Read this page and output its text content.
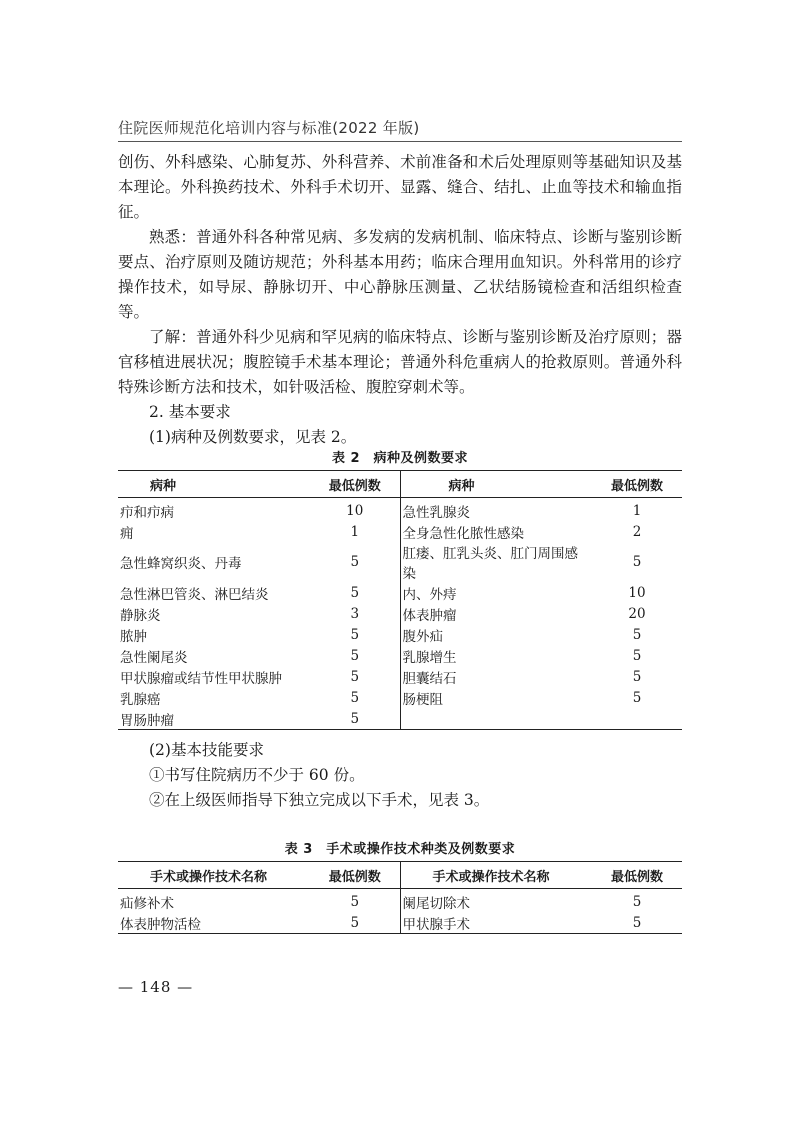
住院医师规范化培训内容与标准(2022 年版)

创伤、外科感染、心肺复苏、外科营养、术前准备和术后处理原则等基础知识及基本理论。外科换药技术、外科手术切开、显露、缝合、结扎、止血等技术和输血指征。

熟悉：普通外科各种常见病、多发病的发病机制、临床特点、诊断与鉴别诊断要点、治疗原则及随访规范；外科基本用药；临床合理用血知识。外科常用的诊疗操作技术，如导尿、静脉切开、中心静脉压测量、乙状结肠镜检查和活组织检查等。

了解：普通外科少见病和罕见病的临床特点、诊断与鉴别诊断及治疗原则；器官移植进展状况；腹腔镜手术基本理论；普通外科危重病人的抢救原则。普通外科特殊诊断方法和技术，如针吸活检、腹腔穿刺术等。

2. 基本要求

(1)病种及例数要求，见表 2。

表 2　病种及例数要求
病种	最低例数	病种	最低例数
疖和疖病	10	急性乳腺炎	1
痈	1	全身急性化脓性感染	2
急性蜂窝织炎、丹毒	5	肛瘘、肛乳头炎、肛门周围感染	5
急性淋巴管炎、淋巴结炎	5	内、外痔	10
静脉炎	3	体表肿瘤	20
脓肿	5	腹外疝	5
急性阑尾炎	5	乳腺增生	5
甲状腺瘤或结节性甲状腺肿	5	胆囊结石	5
乳腺癌	5	肠梗阻	5
胃肠肿瘤	5		

(2)基本技能要求

①书写住院病历不少于 60 份。

②在上级医师指导下独立完成以下手术，见表 3。

表 3　手术或操作技术种类及例数要求
手术或操作技术名称	最低例数	手术或操作技术名称	最低例数
疝修补术	5	阑尾切除术	5
体表肿物活检	5	甲状腺手术	5
— 148 —
